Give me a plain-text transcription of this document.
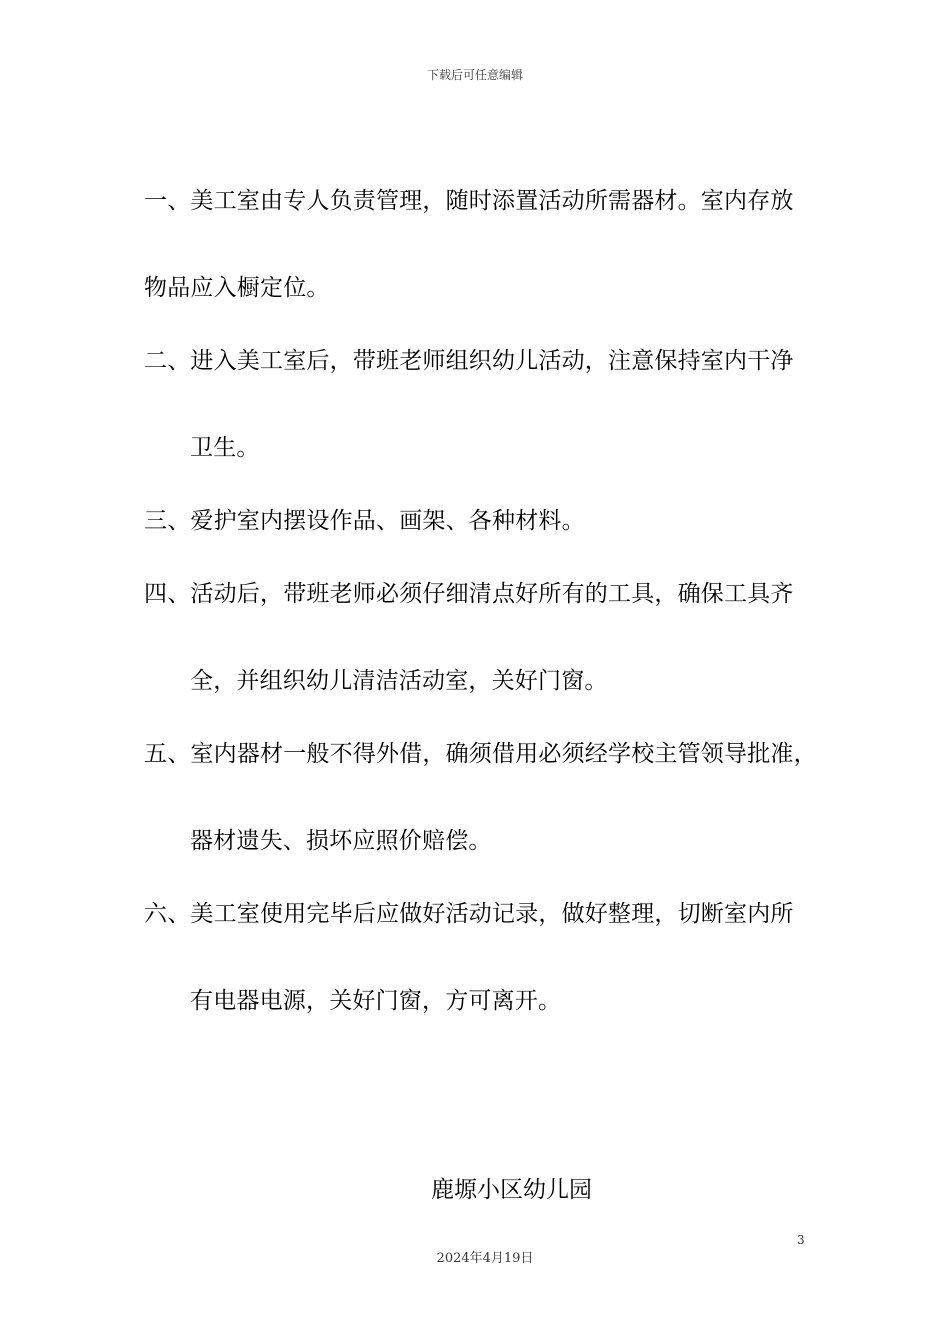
下载后可任意编辑
一、美工室由专人负责管理，随时添置活动所需器材。室内存放
物品应入橱定位。
二、进入美工室后，带班老师组织幼儿活动，注意保持室内干净
卫生。
三、爱护室内摆设作品、画架、各种材料。
四、活动后，带班老师必须仔细清点好所有的工具，确保工具齐
全，并组织幼儿清洁活动室，关好门窗。
五、室内器材一般不得外借，确须借用必须经学校主管领导批准，
器材遗失、损坏应照价赔偿。
六、美工室使用完毕后应做好活动记录，做好整理，切断室内所
有电器电源，关好门窗，方可离开。
鹿塬小区幼儿园
3
2024年4月19日
